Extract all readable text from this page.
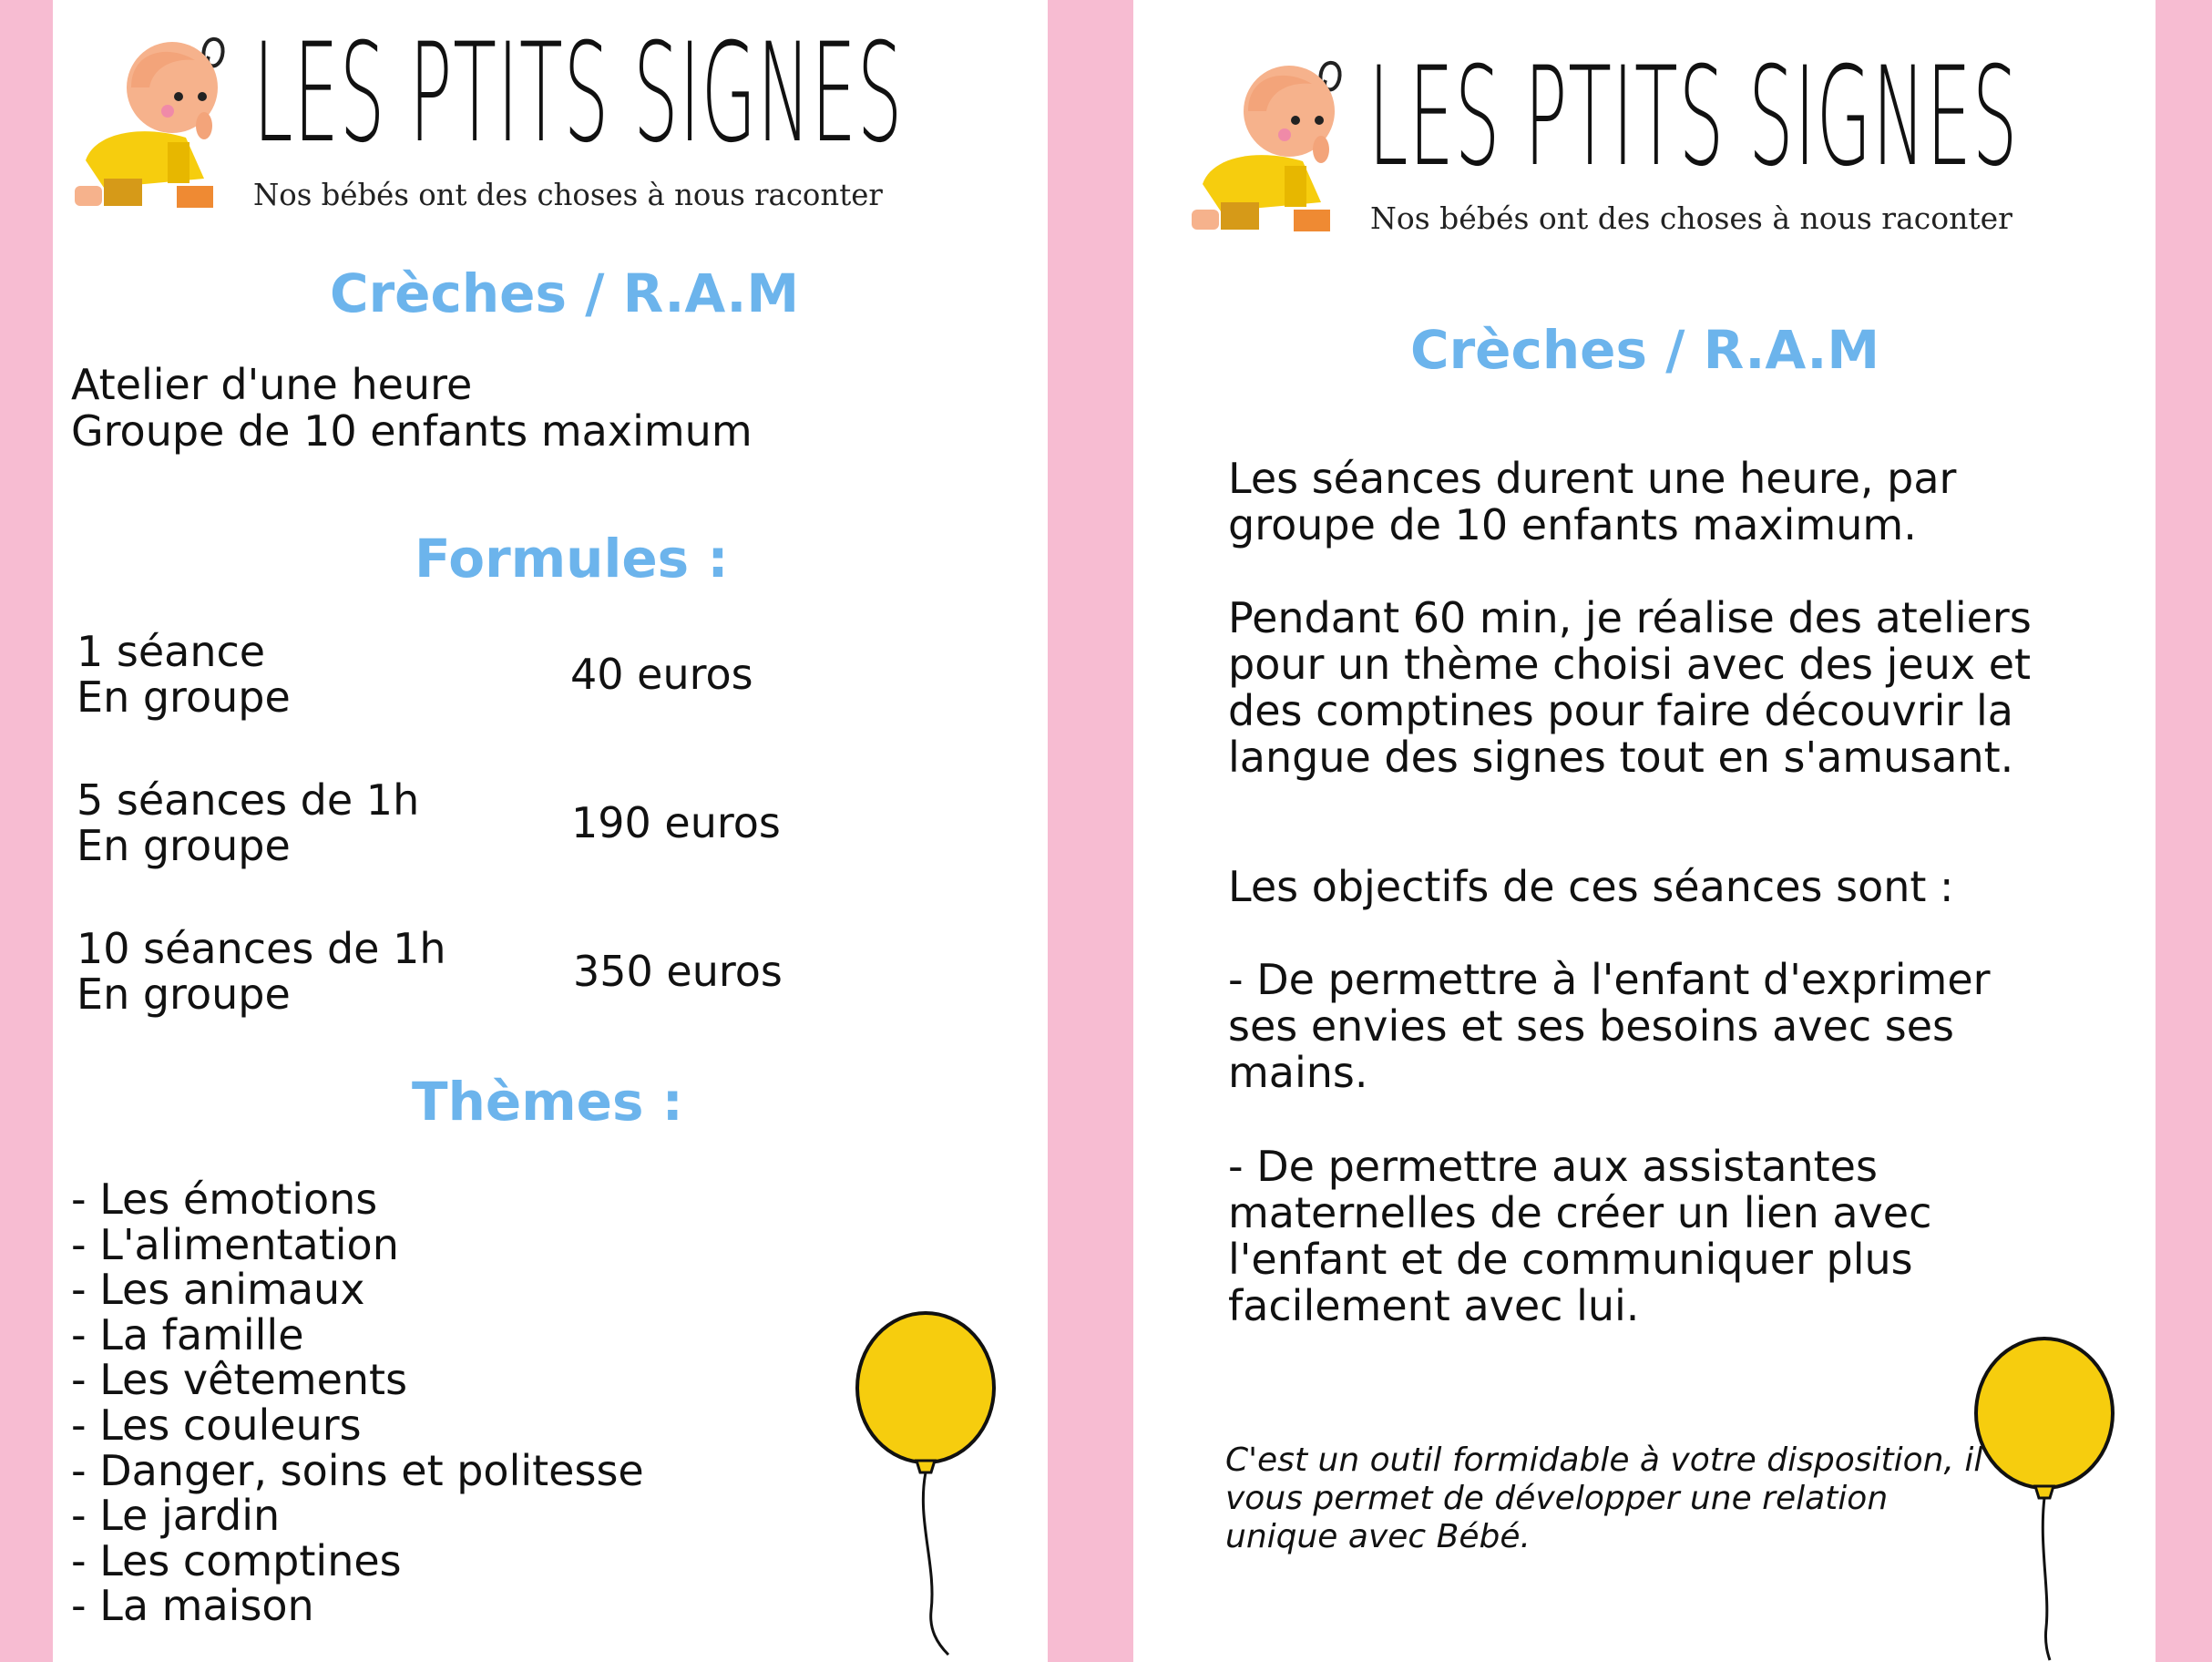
LES PTITS SIGNES
Nos bébés ont des choses à nous raconter
Crèches / R.A.M
Atelier d'une heure
Groupe de 10 enfants maximum
Formules :
1 séance
En groupe	40 euros
5 séances de 1h
En groupe	190 euros
10 séances de 1h
En groupe	350 euros
Thèmes :
- Les émotions
- L'alimentation
- Les animaux
- La famille
- Les vêtements
- Les couleurs
- Danger, soins et politesse
- Le jardin
- Les comptines
- La maison
LES PTITS SIGNES
Nos bébés ont des choses à nous raconter
Crèches / R.A.M
Les séances durent une heure, par
groupe de 10 enfants maximum.
Pendant 60 min, je réalise des ateliers
pour un thème choisi avec des jeux et
des comptines pour faire découvrir la
langue des signes tout en s'amusant.
Les objectifs de ces séances sont :
- De permettre à l'enfant d'exprimer
ses envies et ses besoins avec ses
mains.
- De permettre aux assistantes
maternelles de créer un lien avec
l'enfant et de communiquer plus
facilement avec lui.
C'est un outil formidable à votre disposition, il
vous permet de développer une relation
unique avec Bébé.
